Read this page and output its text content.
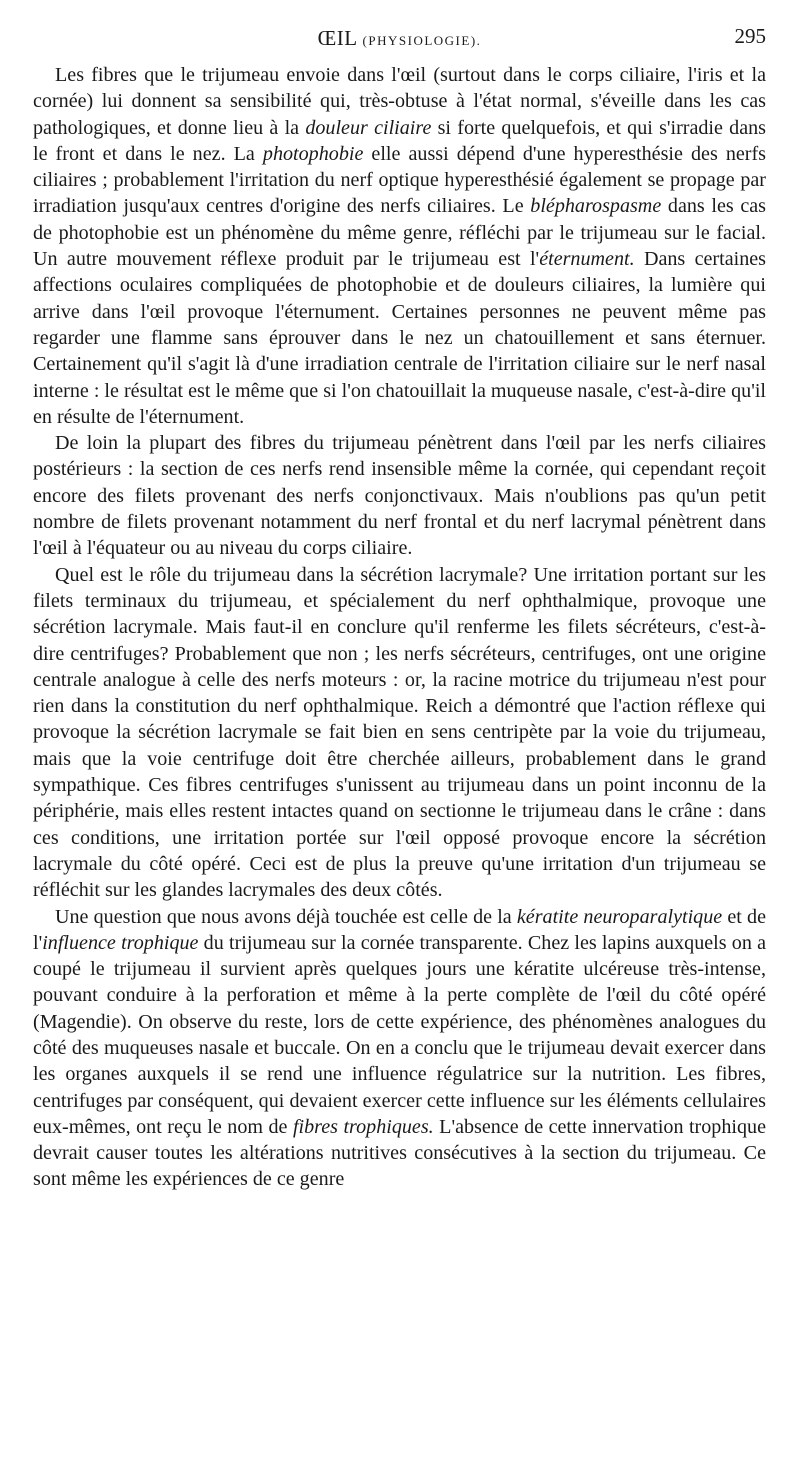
ŒIL (PHYSIOLOGIE).	295

Les fibres que le trijumeau envoie dans l'œil (surtout dans le corps ciliaire, l'iris et la cornée) lui donnent sa sensibilité qui, très-obtuse à l'état normal, s'éveille dans les cas pathologiques, et donne lieu à la douleur ciliaire si forte quelquefois, et qui s'irradie dans le front et dans le nez. La photophobie elle aussi dépend d'une hyperesthésie des nerfs ciliaires ; probablement l'irritation du nerf optique hyperesthésié également se propage par irradiation jusqu'aux centres d'origine des nerfs ciliaires. Le blépharospasme dans les cas de photophobie est un phénomène du même genre, réfléchi par le trijumeau sur le facial. Un autre mouvement réflexe produit par le trijumeau est l'éternument. Dans certaines affections oculaires compliquées de photophobie et de douleurs ciliaires, la lumière qui arrive dans l'œil provoque l'éternument. Certaines personnes ne peuvent même pas regarder une flamme sans éprouver dans le nez un chatouillement et sans éternuer. Certainement qu'il s'agit là d'une irradiation centrale de l'irritation ciliaire sur le nerf nasal interne : le résultat est le même que si l'on chatouillait la muqueuse nasale, c'est-à-dire qu'il en résulte de l'éternument.

De loin la plupart des fibres du trijumeau pénètrent dans l'œil par les nerfs ciliaires postérieurs : la section de ces nerfs rend insensible même la cornée, qui cependant reçoit encore des filets provenant des nerfs conjonctivaux. Mais n'oublions pas qu'un petit nombre de filets provenant notamment du nerf frontal et du nerf lacrymal pénètrent dans l'œil à l'équateur ou au niveau du corps ciliaire.

Quel est le rôle du trijumeau dans la sécrétion lacrymale? Une irritation portant sur les filets terminaux du trijumeau, et spécialement du nerf ophthalmique, provoque une sécrétion lacrymale. Mais faut-il en conclure qu'il renferme les filets sécréteurs, c'est-à-dire centrifuges? Probablement que non ; les nerfs sécréteurs, centrifuges, ont une origine centrale analogue à celle des nerfs moteurs : or, la racine motrice du trijumeau n'est pour rien dans la constitution du nerf ophthalmique. Reich a démontré que l'action réflexe qui provoque la sécrétion lacrymale se fait bien en sens centripète par la voie du trijumeau, mais que la voie centrifuge doit être cherchée ailleurs, probablement dans le grand sympathique. Ces fibres centrifuges s'unissent au trijumeau dans un point inconnu de la périphérie, mais elles restent intactes quand on sectionne le trijumeau dans le crâne : dans ces conditions, une irritation portée sur l'œil opposé provoque encore la sécrétion lacrymale du côté opéré. Ceci est de plus la preuve qu'une irritation d'un trijumeau se réfléchit sur les glandes lacrymales des deux côtés.

Une question que nous avons déjà touchée est celle de la kératite neuroparalytique et de l'influence trophique du trijumeau sur la cornée transparente. Chez les lapins auxquels on a coupé le trijumeau il survient après quelques jours une kératite ulcéreuse très-intense, pouvant conduire à la perforation et même à la perte complète de l'œil du côté opéré (Magendie). On observe du reste, lors de cette expérience, des phénomènes analogues du côté des muqueuses nasale et buccale. On en a conclu que le trijumeau devait exercer dans les organes auxquels il se rend une influence régulatrice sur la nutrition. Les fibres, centrifuges par conséquent, qui devaient exercer cette influence sur les éléments cellulaires eux-mêmes, ont reçu le nom de fibres trophiques. L'absence de cette innervation trophique devrait causer toutes les altérations nutritives consécutives à la section du trijumeau. Ce sont même les expériences de ce genre
